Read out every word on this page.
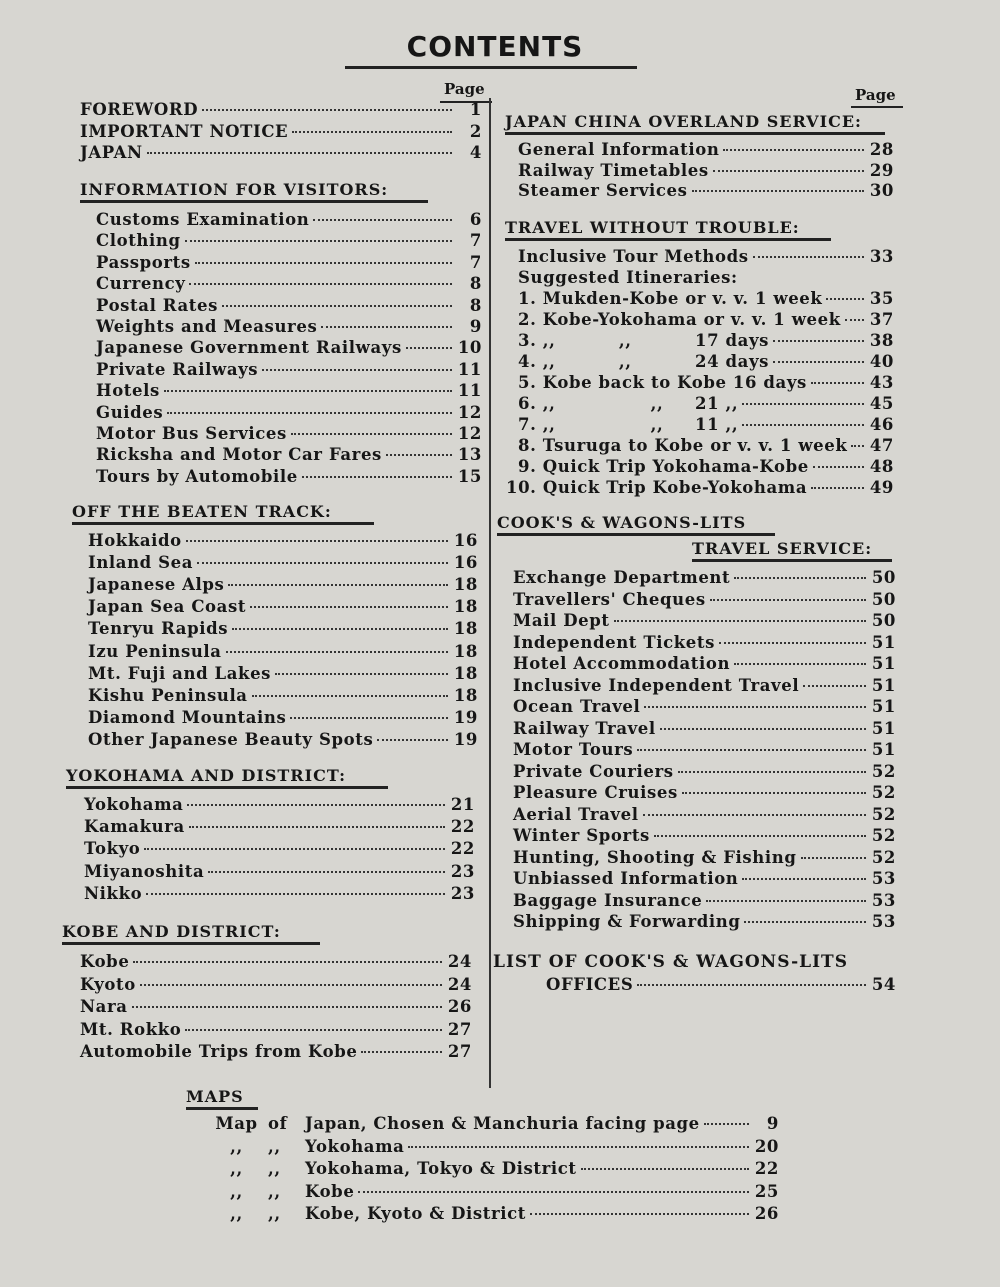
CONTENTS
Page	Page
FOREWORD	1
IMPORTANT NOTICE	2
JAPAN	4
INFORMATION FOR VISITORS:
Customs Examination	6
Clothing	7
Passports	7
Currency	8
Postal Rates	8
Weights and Measures	9
Japanese Government Railways	10
Private Railways	11
Hotels	11
Guides	12
Motor Bus Services	12
Ricksha and Motor Car Fares	13
Tours by Automobile	15
OFF THE BEATEN TRACK:
Hokkaido	16
Inland Sea	16
Japanese Alps	18
Japan Sea Coast	18
Tenryu Rapids	18
Izu Peninsula	18
Mt. Fuji and Lakes	18
Kishu Peninsula	18
Diamond Mountains	19
Other Japanese Beauty Spots	19
YOKOHAMA AND DISTRICT:
Yokohama	21
Kamakura	22
Tokyo	22
Miyanoshita	23
Nikko	23
KOBE AND DISTRICT:
Kobe	24
Kyoto	24
Nara	26
Mt. Rokko	27
Automobile Trips from Kobe	27
JAPAN CHINA OVERLAND SERVICE:
General Information	28
Railway Timetables	29
Steamer Services	30
TRAVEL WITHOUT TROUBLE:
Inclusive Tour Methods	33
Suggested Itineraries:
1. Mukden-Kobe or v. v. 1 week	35
2. Kobe-Yokohama or v. v. 1 week 37
3. ,,          ,,          17 days	38
4. ,,          ,,          24 days	40
5. Kobe back to Kobe 16 days	43
6. ,,               ,,     21 ,,	45
7. ,,               ,,     11 ,,	46
8. Tsuruga to Kobe or v. v. 1 week 47
9. Quick Trip Yokohama-Kobe	48
10. Quick Trip Kobe-Yokohama	49
COOK'S & WAGONS-LITS
TRAVEL SERVICE:
Exchange Department	50
Travellers' Cheques	50
Mail Dept	50
Independent Tickets	51
Hotel Accommodation	51
Inclusive Independent Travel	51
Ocean Travel	51
Railway Travel	51
Motor Tours	51
Private Couriers	52
Pleasure Cruises	52
Aerial Travel	52
Winter Sports	52
Hunting, Shooting & Fishing	52
Unbiassed Information	53
Baggage Insurance	53
Shipping & Forwarding	53
LIST OF COOK'S & WAGONS-LITS
OFFICES	54
MAPS
Map of	Japan, Chosen & Manchuria facing page	9
,,	,,	Yokohama	20
,,	,,	Yokohama, Tokyo & District	22
,,	,,	Kobe	25
,,	,,	Kobe, Kyoto & District	26
